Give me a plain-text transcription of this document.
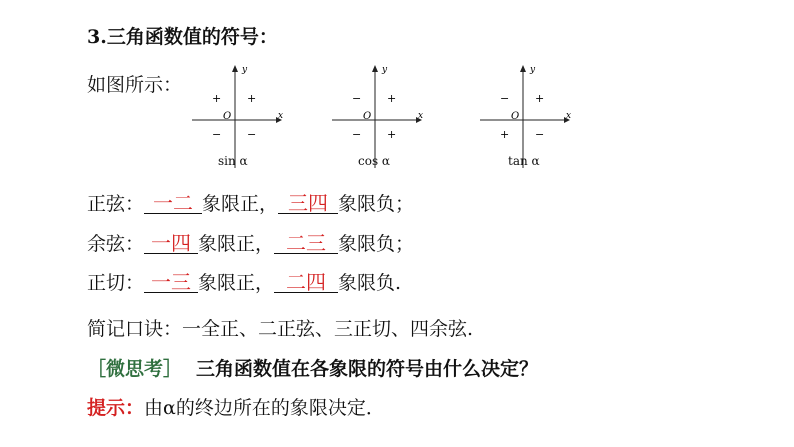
3.三角函数值的符号：
如图所示：
y
x
O
+
+
− −
sin α
y
x
O
+
−
− +
cos α
y
x
O
+
−
+ −
tan α
正弦： 一二 象限正， 三四 象限负；
余弦： 一四 象限正， 二三 象限负；
正切： 一三 象限正， 二四 象限负.
简记口诀：一全正、二正弦、三正切、四余弦.
［微思考］ 三角函数值在各象限的符号由什么决定？
提示：由α的终边所在的象限决定．
